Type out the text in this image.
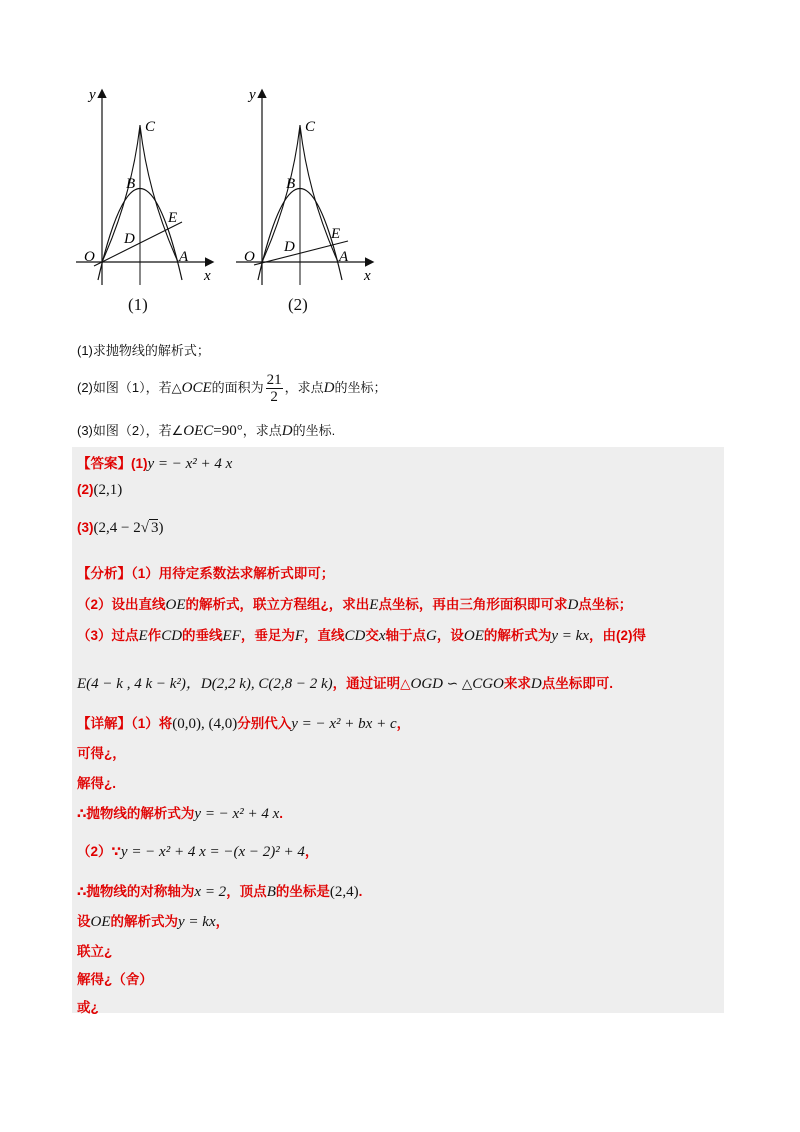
y
x
O	A
B
C
D
E
(1)
y
x
O	A
B
C
D
E
(2)
(1)求抛物线的解析式；
(2)如图（1），若△OCE的面积为 $\frac{21}{2}$ ，求点D的坐标；
(3)如图（2），若∠OEC=90°，求点D的坐标.
【答案】(1)y = − x² + 4 x
(2)(2,1)
(3)(2,4 − 2√ 3)
【分析】（1）用待定系数法求解析式即可；
（2）设出直线OE的解析式，联立方程组¿，求出E点坐标，再由三角形面积即可求D点坐标；
（3）过点E作CD的垂线EF，垂足为F，直线CD交x轴于点G，设OE的解析式为y = kx，由(2)得
E(4 − k , 4 k − k²)，D(2,2 k), C(2,8 − 2 k)，通过证明△OGD ∽ △CGO来求D点坐标即可.
【详解】（1）将(0,0), (4,0)分别代入y = − x² + bx + c，
可得¿，
解得¿.
∴抛物线的解析式为y = − x² + 4 x.
（2）∵y = − x² + 4 x = −(x − 2)² + 4，
∴抛物线的对称轴为x = 2，顶点B的坐标是(2,4).
设OE的解析式为y = kx，
联立¿
解得¿（舍）
或¿
